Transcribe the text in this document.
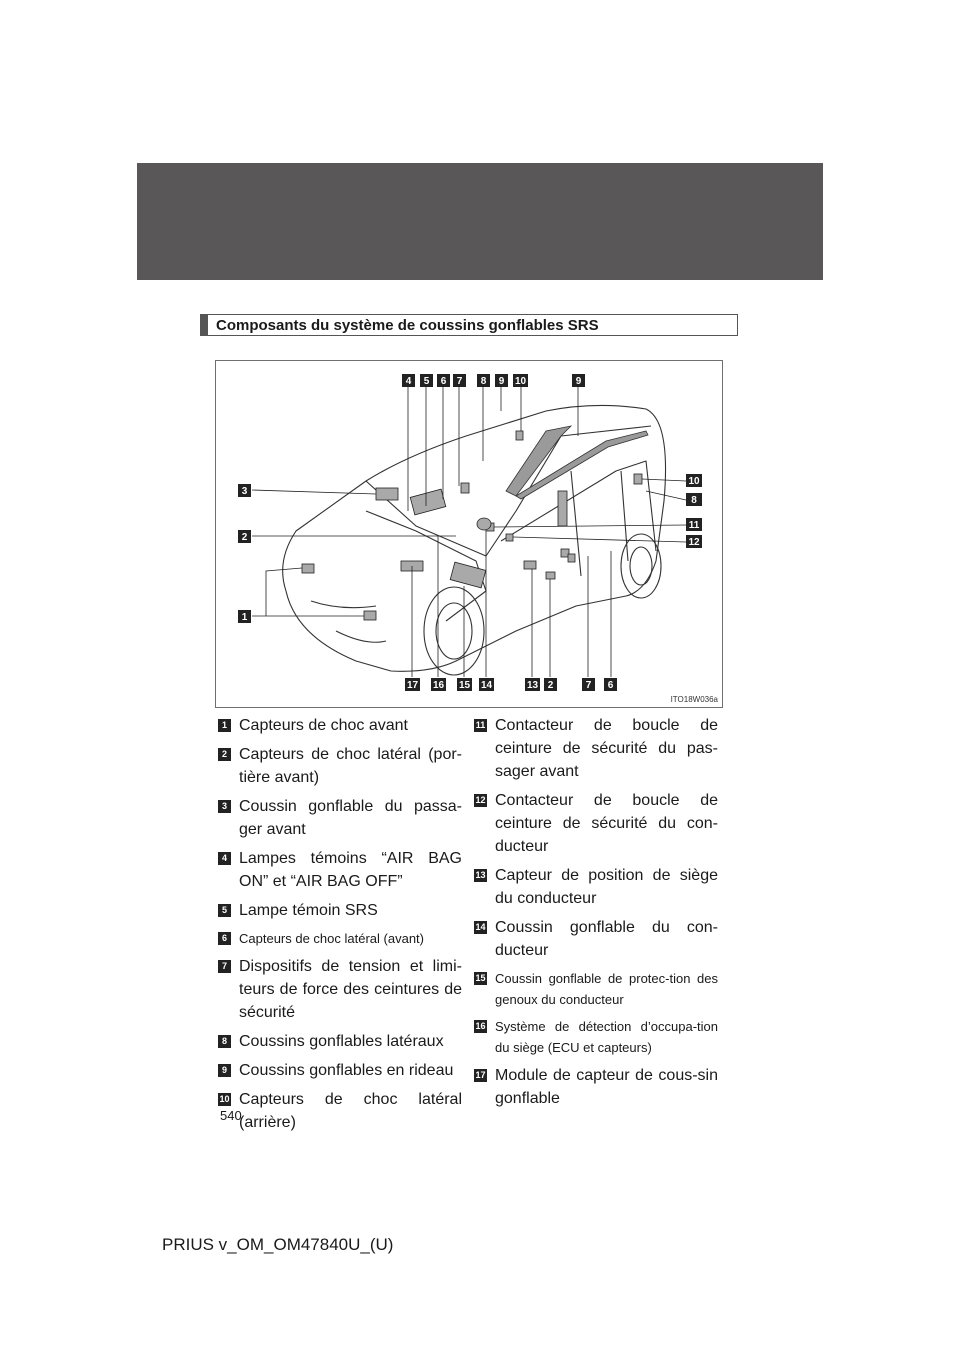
Composants du système de coussins gonflables SRS
4 5 6 7 8 9 10	9
3
2
1
10
8
11
12
17 16 15 14	13 2	7 6
ITO18W036a
1 Capteurs de choc avant
2 Capteurs de choc latéral (por-tière avant)
3 Coussin gonflable du passa-ger avant
4 Lampes témoins “AIR BAG ON” et “AIR BAG OFF”
5 Lampe témoin SRS
6 Capteurs de choc latéral (avant)
7 Dispositifs de tension et limi-teurs de force des ceintures de sécurité
8 Coussins gonflables latéraux
9 Coussins gonflables en rideau
10 Capteurs de choc latéral (arrière)
11 Contacteur de boucle de ceinture de sécurité du pas-sager avant
12 Contacteur de boucle de ceinture de sécurité du con-ducteur
13 Capteur de position de siège du conducteur
14 Coussin gonflable du con-ducteur
15 Coussin gonflable de protec-tion des genoux du conducteur
16 Système de détection d’occupa-tion du siège (ECU et capteurs)
17 Module de capteur de cous-sin gonflable
540
PRIUS v_OM_OM47840U_(U)
